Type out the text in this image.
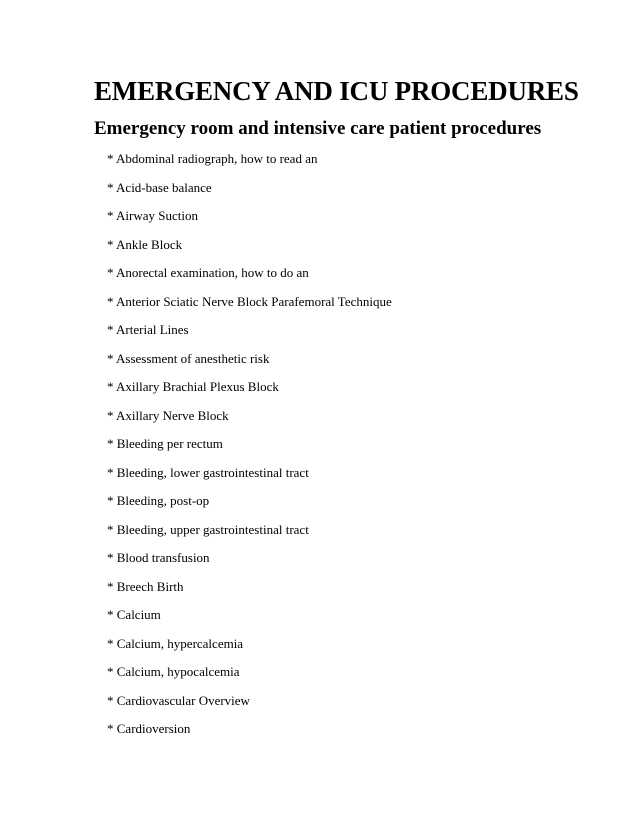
EMERGENCY AND ICU PROCEDURES
Emergency room and intensive care patient procedures
* Abdominal radiograph, how to read an
* Acid-base balance
* Airway Suction
* Ankle Block
* Anorectal examination, how to do an
* Anterior Sciatic Nerve Block Parafemoral Technique
* Arterial Lines
* Assessment of anesthetic risk
* Axillary Brachial Plexus Block
* Axillary Nerve Block
* Bleeding per rectum
* Bleeding, lower gastrointestinal tract
* Bleeding, post-op
* Bleeding, upper gastrointestinal tract
* Blood transfusion
* Breech Birth
* Calcium
* Calcium, hypercalcemia
* Calcium, hypocalcemia
* Cardiovascular Overview
* Cardioversion
